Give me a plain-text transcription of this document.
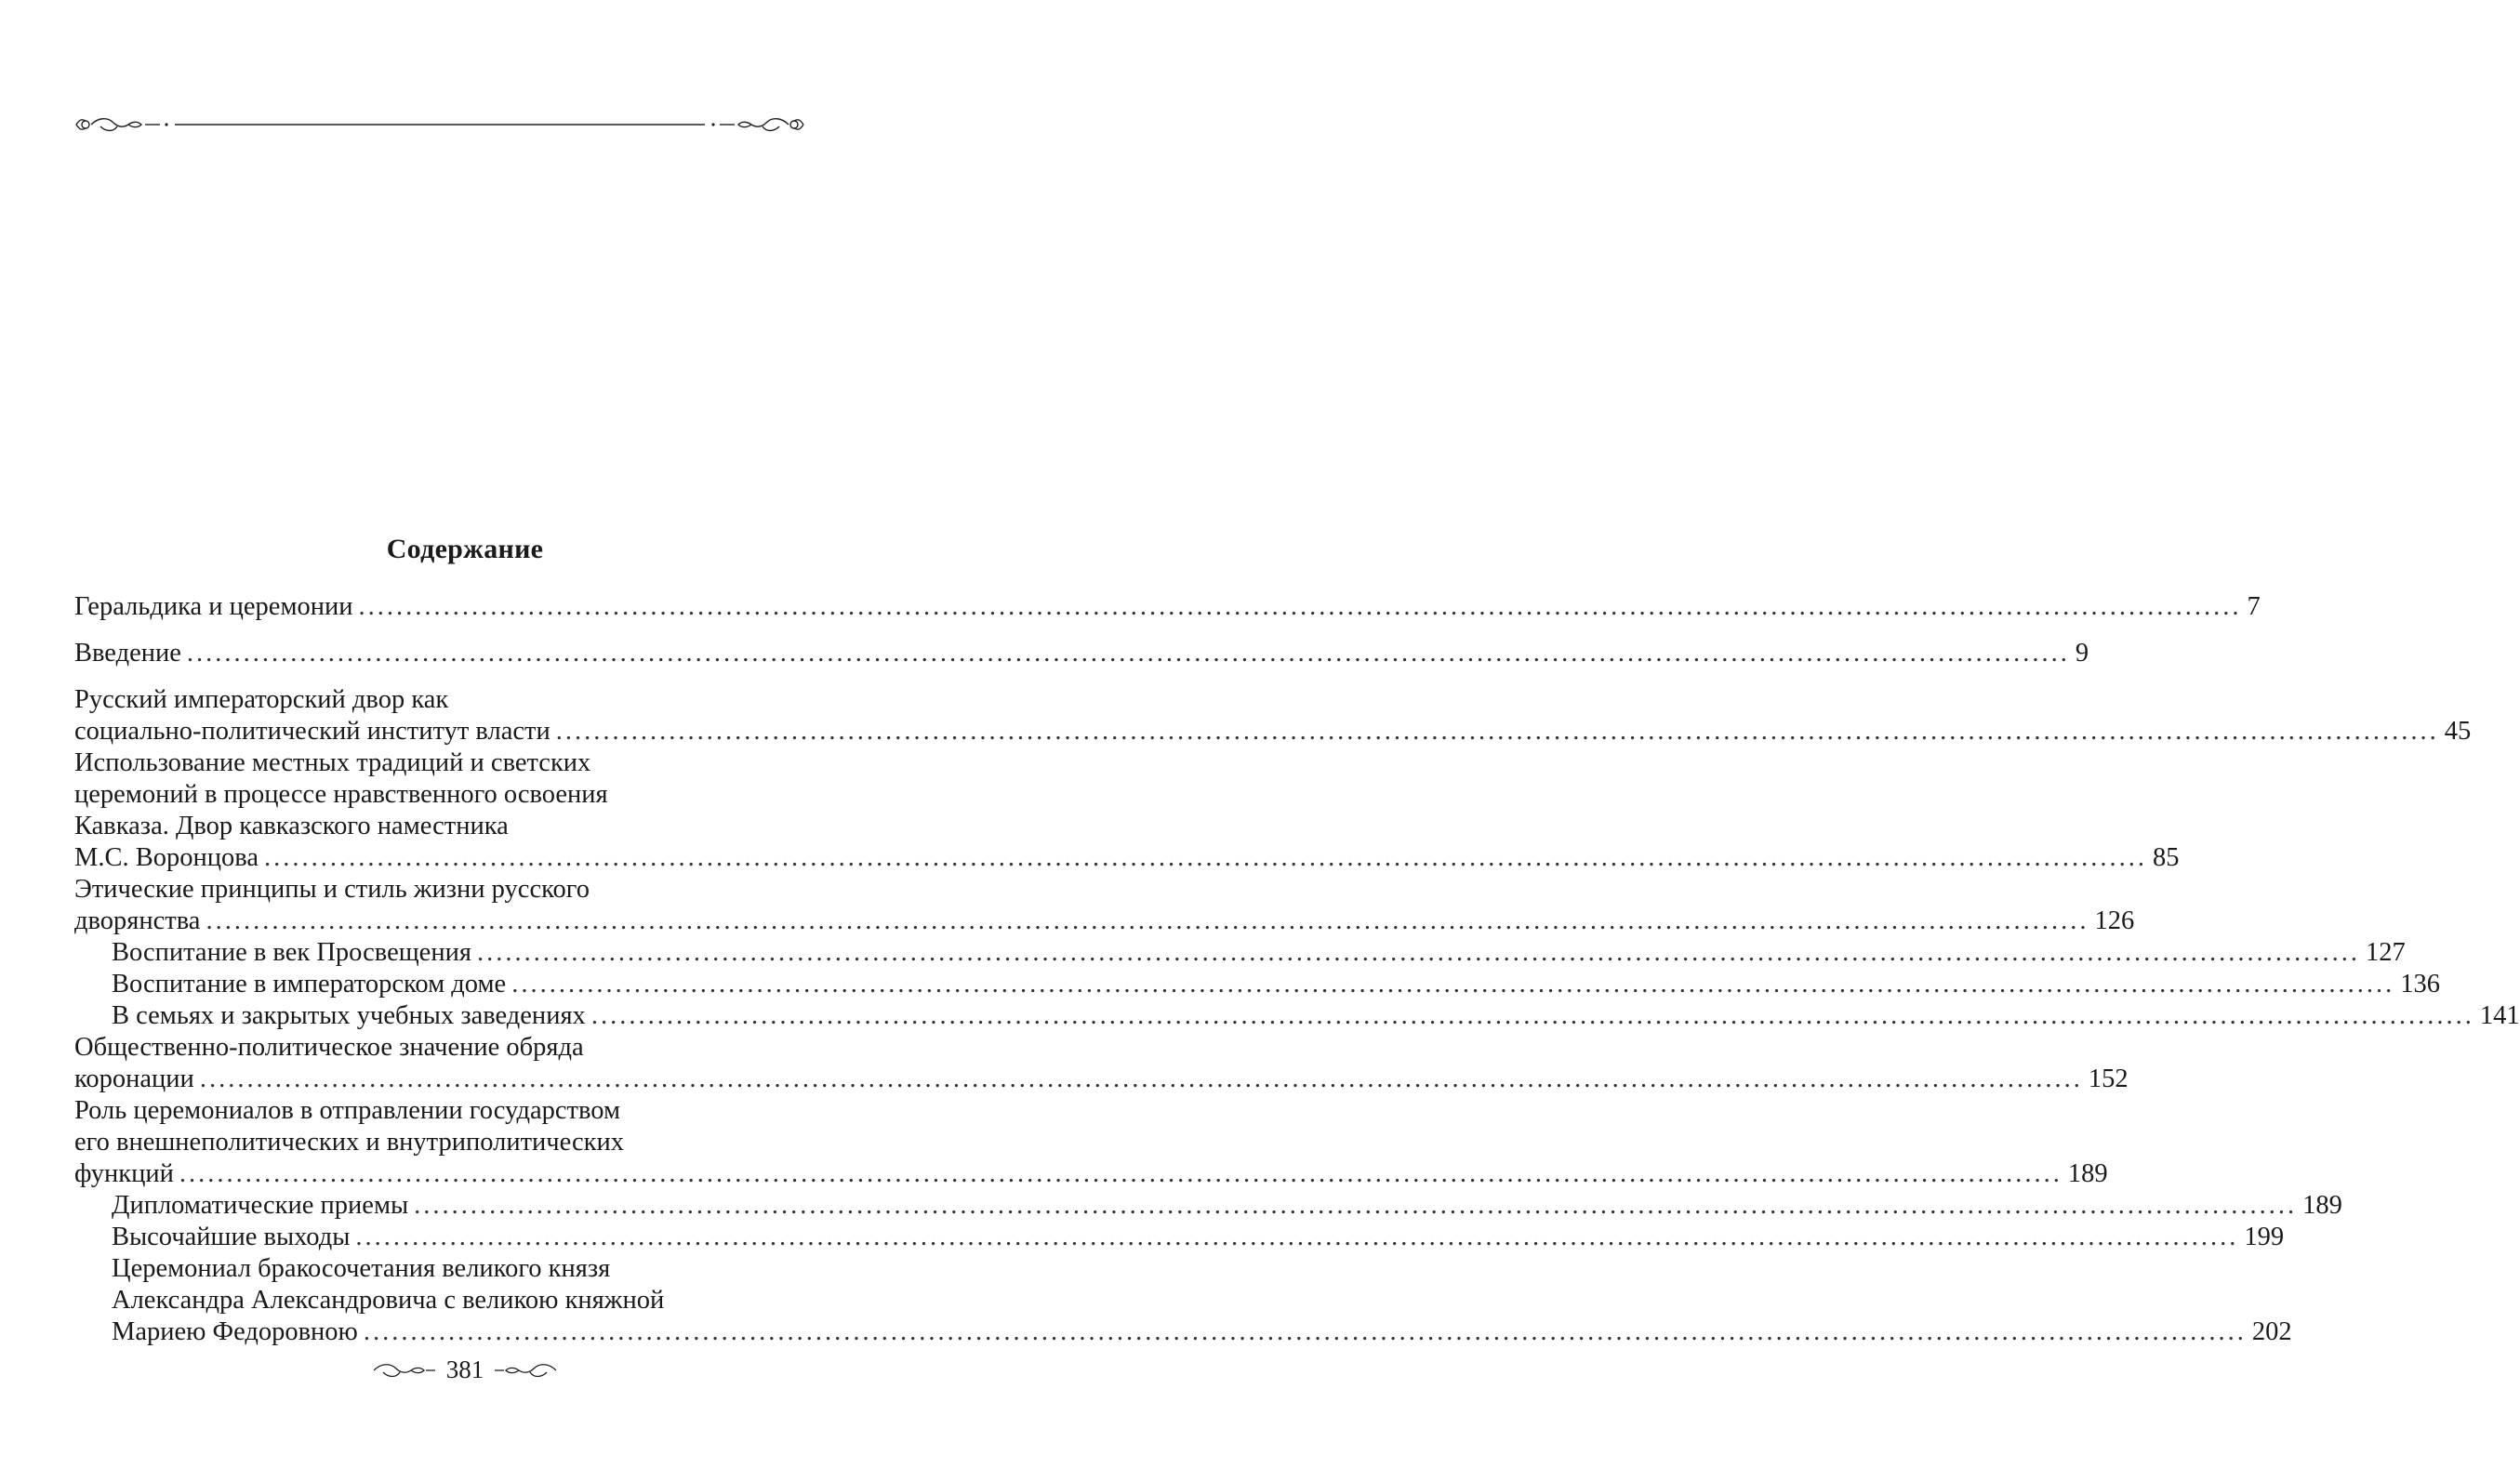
Содержание
Геральдика и церемонии ........................................................................................................................................................................................................ 7
Введение ........................................................................................................................................................................................................ 9
Русский императорский двор как
социально-политический институт власти ........................................................................................................................................................................................................ 45
Использование местных традиций и светских
церемоний в процессе нравственного освоения
Кавказа. Двор кавказского наместника
М.С. Воронцова ........................................................................................................................................................................................................ 85
Этические принципы и стиль жизни русского
дворянства ........................................................................................................................................................................................................ 126
Воспитание в век Просвещения ........................................................................................................................................................................................................ 127
Воспитание в императорском доме ........................................................................................................................................................................................................ 136
В семьях и закрытых учебных заведениях ........................................................................................................................................................................................................ 141
Общественно-политическое значение обряда
коронации ........................................................................................................................................................................................................ 152
Роль церемониалов в отправлении государством
его внешнеполитических и внутриполитических
функций ........................................................................................................................................................................................................ 189
Дипломатические приемы ........................................................................................................................................................................................................ 189
Высочайшие выходы ........................................................................................................................................................................................................ 199
Церемониал бракосочетания великого князя
Александра Александровича с великою княжной
Мариею Федоровною ........................................................................................................................................................................................................ 202
381
